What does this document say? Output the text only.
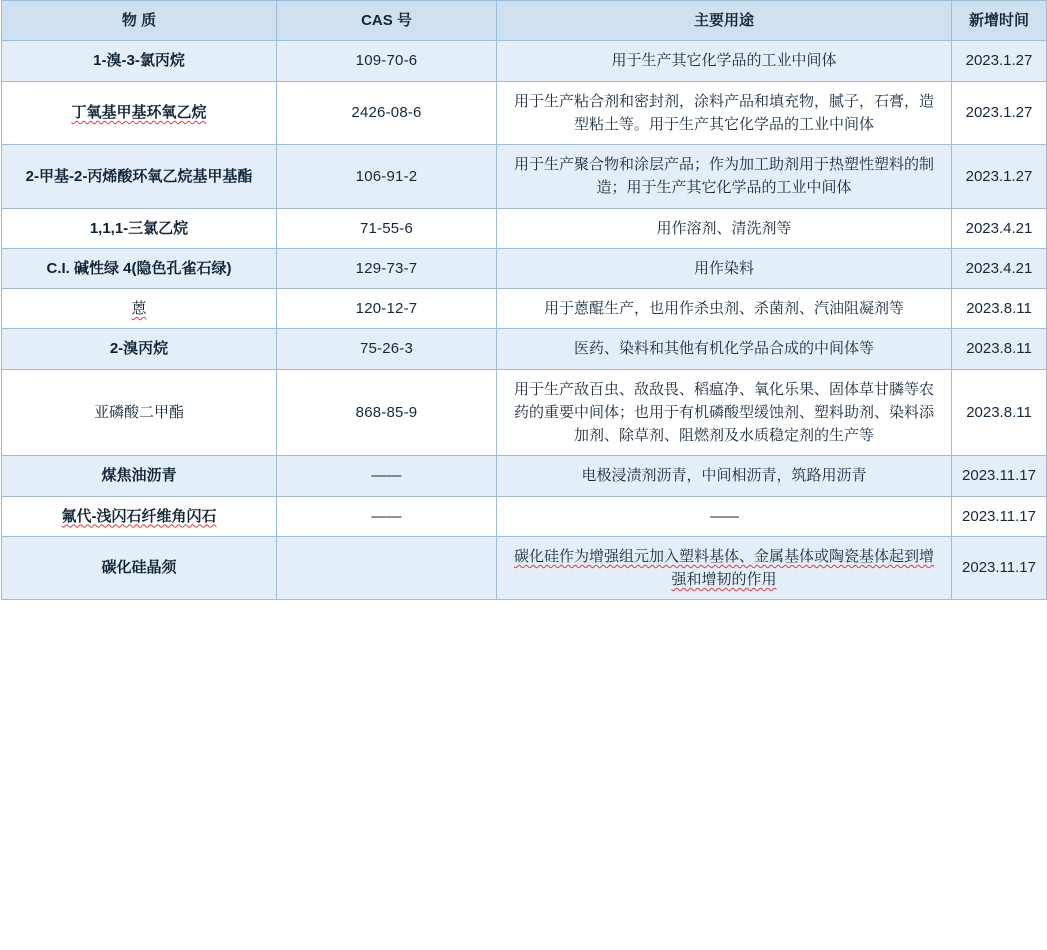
物 质	CAS 号	主要用途	新增时间
1-溴-3-氯丙烷	109-70-6	用于生产其它化学品的工业中间体	2023.1.27
丁氧基甲基环氧乙烷	2426-08-6	用于生产粘合剂和密封剂，涂料产品和填充物，腻子，石膏，造型粘土等。用于生产其它化学品的工业中间体	2023.1.27
2-甲基-2-丙烯酸环氧乙烷基甲基酯	106-91-2	用于生产聚合物和涂层产品；作为加工助剂用于热塑性塑料的制造；用于生产其它化学品的工业中间体	2023.1.27
1,1,1-三氯乙烷	71-55-6	用作溶剂、清洗剂等	2023.4.21
C.I. 碱性绿 4(隐色孔雀石绿)	129-73-7	用作染料	2023.4.21
蒽	120-12-7	用于蒽醌生产，也用作杀虫剂、杀菌剂、汽油阻凝剂等	2023.8.11
2-溴丙烷	75-26-3	医药、染料和其他有机化学品合成的中间体等	2023.8.11
亚磷酸二甲酯	868-85-9	用于生产敌百虫、敌敌畏、稻瘟净、氧化乐果、固体草甘膦等农药的重要中间体；也用于有机磷酸型缓蚀剂、塑料助剂、染料添加剂、除草剂、阻燃剂及水质稳定剂的生产等	2023.8.11
煤焦油沥青	——	电极浸渍剂沥青，中间相沥青，筑路用沥青	2023.11.17
氟代-浅闪石纤维角闪石	——	——	2023.11.17
碳化硅晶须		碳化硅作为增强组元加入塑料基体、金属基体或陶瓷基体起到增强和增韧的作用	2023.11.17
